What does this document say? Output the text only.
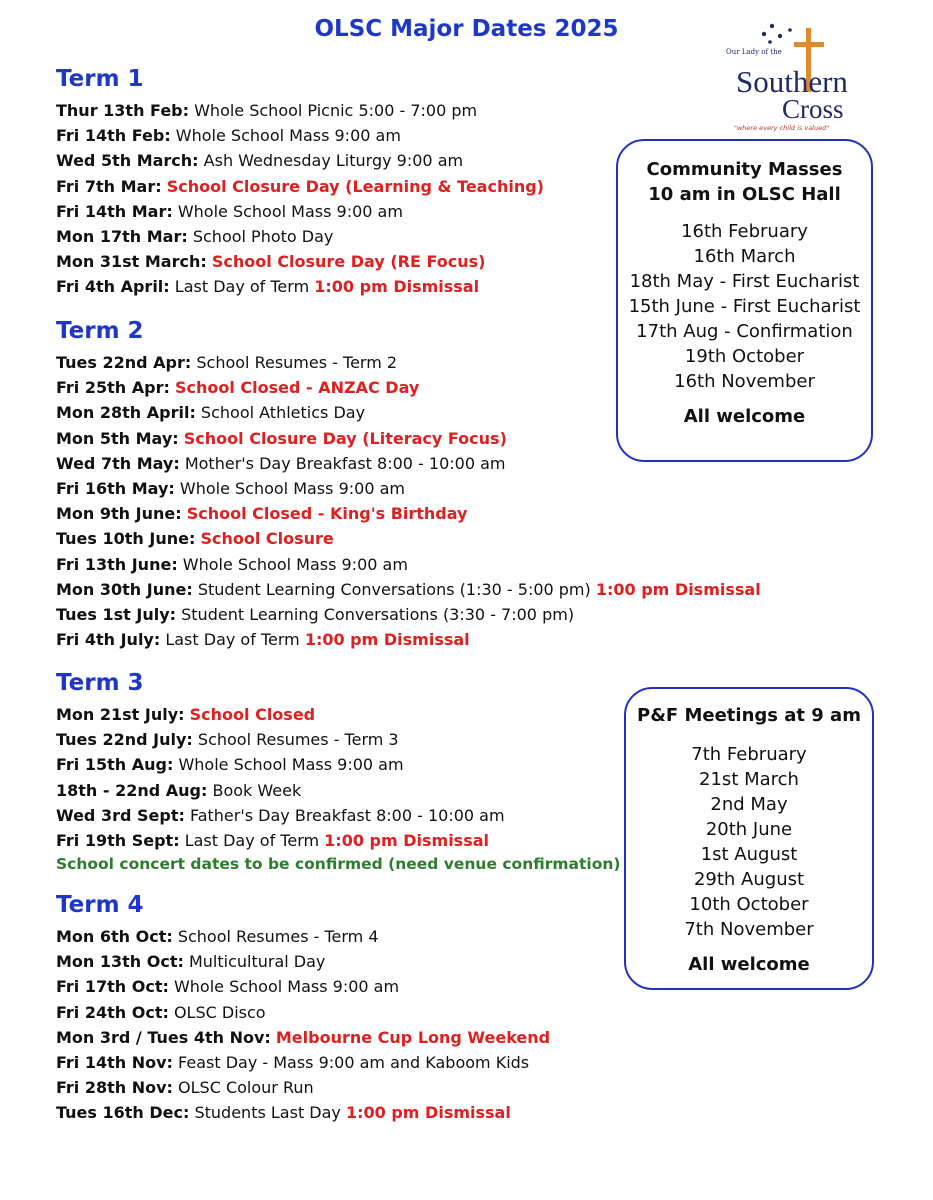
OLSC Major Dates 2025
Our Lady of the
Southern
Cross
"where every child is valued"
Term 1
Thur 13th Feb: Whole School Picnic 5:00 - 7:00 pm
Fri 14th Feb: Whole School Mass 9:00 am
Wed 5th March: Ash Wednesday Liturgy 9:00 am
Fri 7th Mar: School Closure Day (Learning & Teaching)
Fri 14th Mar: Whole School Mass 9:00 am
Mon 17th Mar: School Photo Day
Mon 31st March: School Closure Day (RE Focus)
Fri 4th April: Last Day of Term 1:00 pm Dismissal
Term 2
Tues 22nd Apr: School Resumes - Term 2
Fri 25th Apr: School Closed - ANZAC Day
Mon 28th April: School Athletics Day
Mon 5th May: School Closure Day (Literacy Focus)
Wed 7th May: Mother's Day Breakfast 8:00 - 10:00 am
Fri 16th May: Whole School Mass 9:00 am
Mon 9th June: School Closed - King's Birthday
Tues 10th June: School Closure
Fri 13th June: Whole School Mass 9:00 am
Mon 30th June: Student Learning Conversations (1:30 - 5:00 pm) 1:00 pm Dismissal
Tues 1st July: Student Learning Conversations (3:30 - 7:00 pm)
Fri 4th July: Last Day of Term 1:00 pm Dismissal
Term 3
Mon 21st July: School Closed
Tues 22nd July: School Resumes - Term 3
Fri 15th Aug: Whole School Mass 9:00 am
18th - 22nd Aug: Book Week
Wed 3rd Sept: Father's Day Breakfast 8:00 - 10:00 am
Fri 19th Sept: Last Day of Term 1:00 pm Dismissal
School concert dates to be confirmed (need venue confirmation)
Term 4
Mon 6th Oct: School Resumes - Term 4
Mon 13th Oct: Multicultural Day
Fri 17th Oct: Whole School Mass 9:00 am
Fri 24th Oct: OLSC Disco
Mon 3rd / Tues 4th Nov: Melbourne Cup Long Weekend
Fri 14th Nov: Feast Day - Mass 9:00 am and Kaboom Kids
Fri 28th Nov: OLSC Colour Run
Tues 16th Dec: Students Last Day 1:00 pm Dismissal
Community Masses
10 am in OLSC Hall
16th February
16th March
18th May - First Eucharist
15th June - First Eucharist
17th Aug - Confirmation
19th October
16th November
All welcome
P&F Meetings at 9 am
7th February
21st March
2nd May
20th June
1st August
29th August
10th October
7th November
All welcome
